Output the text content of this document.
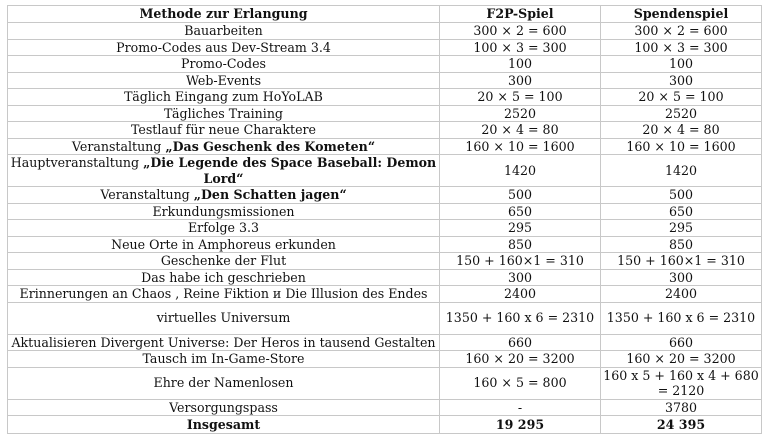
Methode zur Erlangung	F2P-Spiel	Spendenspiel
Bauarbeiten	300 × 2 = 600	300 × 2 = 600
Promo-Codes aus Dev-Stream 3.4	100 × 3 = 300	100 × 3 = 300
Promo-Codes	100	100
Web-Events	300	300
Täglich Eingang zum HoYoLAB	20 × 5 = 100	20 × 5 = 100
Tägliches Training	2520	2520
Testlauf für neue Charaktere	20 × 4 = 80	20 × 4 = 80
Veranstaltung „Das Geschenk des Kometen“	160 × 10 = 1600	160 × 10 = 1600
Hauptveranstaltung „Die Legende des Space Baseball: Demon Lord“	1420	1420
Veranstaltung „Den Schatten jagen“	500	500
Erkundungsmissionen	650	650
Erfolge 3.3	295	295
Neue Orte in Amphoreus erkunden	850	850
Geschenke der Flut	150 + 160×1 = 310	150 + 160×1 = 310
Das habe ich geschrieben	300	300
Erinnerungen an Chaos , Reine Fiktion и Die Illusion des Endes	2400	2400
virtuelles Universum	1350 + 160 x 6 = 2310	1350 + 160 x 6 = 2310
Aktualisieren Divergent Universe: Der Heros in tausend Gestalten	660	660
Tausch im In-Game-Store	160 × 20 = 3200	160 × 20 = 3200
Ehre der Namenlosen	160 × 5 = 800	160 x 5 + 160 x 4 + 680 = 2120
Versorgungspass	-	3780
Insgesamt	19 295	24 395
